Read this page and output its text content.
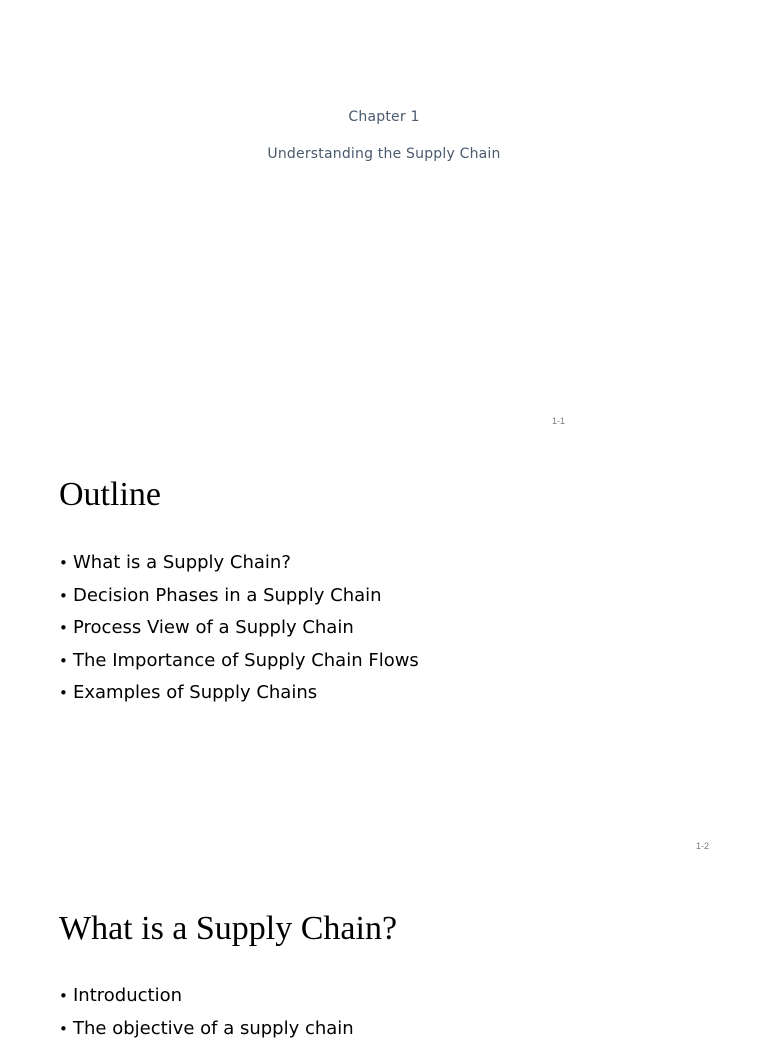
Chapter 1
Understanding the Supply Chain
1-1
Outline
• What is a Supply Chain?
• Decision Phases in a Supply Chain
• Process View of a Supply Chain
• The Importance of Supply Chain Flows
• Examples of Supply Chains
1-2
What is a Supply Chain?
• Introduction
• The objective of a supply chain
